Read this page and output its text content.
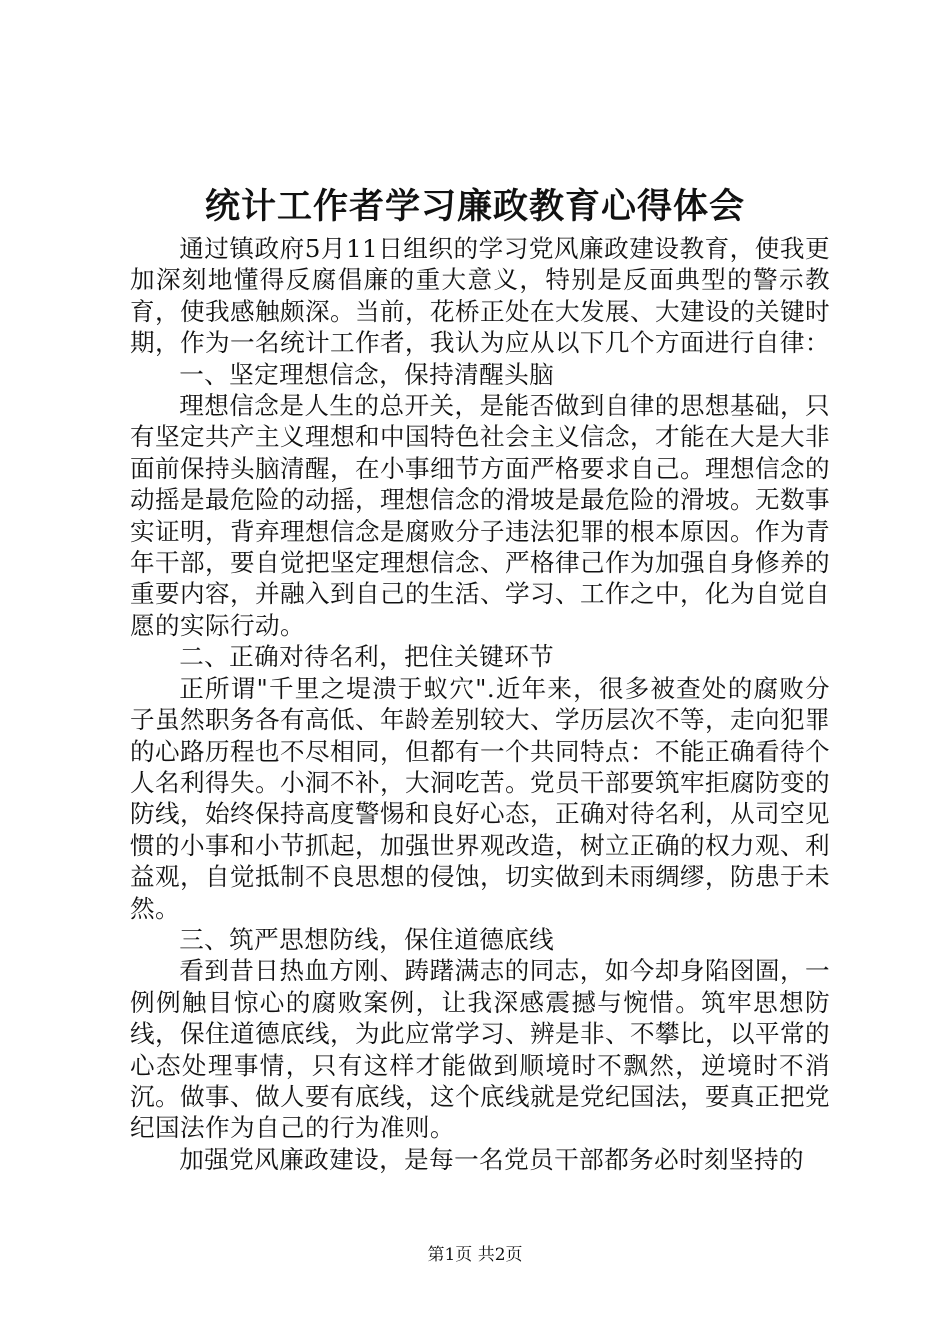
统计工作者学习廉政教育心得体会

通过镇政府5月11日组织的学习党风廉政建设教育，使我更加深刻地懂得反腐倡廉的重大意义，特别是反面典型的警示教育，使我感触颇深。当前，花桥正处在大发展、大建设的关键时期，作为一名统计工作者，我认为应从以下几个方面进行自律：

一、坚定理想信念，保持清醒头脑

理想信念是人生的总开关，是能否做到自律的思想基础，只有坚定共产主义理想和中国特色社会主义信念，才能在大是大非面前保持头脑清醒，在小事细节方面严格要求自己。理想信念的动摇是最危险的动摇，理想信念的滑坡是最危险的滑坡。无数事实证明，背弃理想信念是腐败分子违法犯罪的根本原因。作为青年干部，要自觉把坚定理想信念、严格律己作为加强自身修养的重要内容，并融入到自己的生活、学习、工作之中，化为自觉自愿的实际行动。

二、正确对待名利，把住关键环节

正所谓"千里之堤溃于蚁穴".近年来，很多被查处的腐败分子虽然职务各有高低、年龄差别较大、学历层次不等，走向犯罪的心路历程也不尽相同，但都有一个共同特点：不能正确看待个人名利得失。小洞不补，大洞吃苦。党员干部要筑牢拒腐防变的防线，始终保持高度警惕和良好心态，正确对待名利，从司空见惯的小事和小节抓起，加强世界观改造，树立正确的权力观、利益观，自觉抵制不良思想的侵蚀，切实做到未雨绸缪，防患于未然。

三、筑严思想防线，保住道德底线

看到昔日热血方刚、踌躇满志的同志，如今却身陷囹圄，一例例触目惊心的腐败案例，让我深感震撼与惋惜。筑牢思想防线，保住道德底线，为此应常学习、辨是非、不攀比，以平常的心态处理事情，只有这样才能做到顺境时不飘然，逆境时不消沉。做事、做人要有底线，这个底线就是党纪国法，要真正把党纪国法作为自己的行为准则。

加强党风廉政建设，是每一名党员干部都务必时刻坚持的

第1页 共2页
